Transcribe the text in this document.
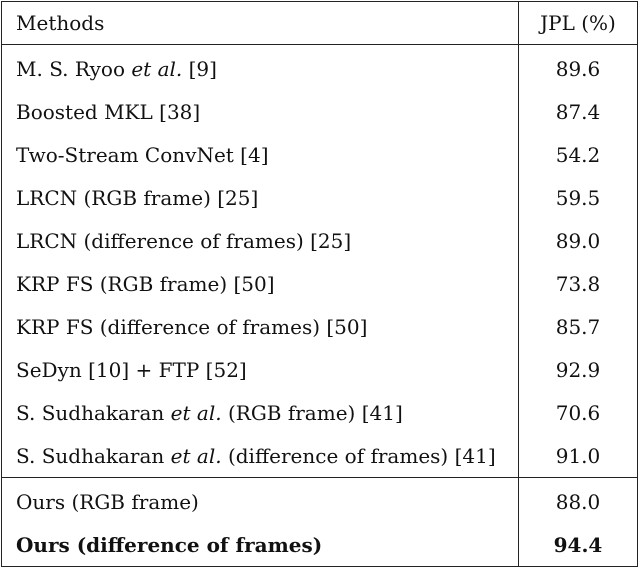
Methods	JPL (%)

M. S. Ryoo et al. [9]	89.6
Boosted MKL [38]	87.4
Two-Stream ConvNet [4]	54.2
LRCN (RGB frame) [25]	59.5
LRCN (difference of frames) [25]	89.0
KRP FS (RGB frame) [50]	73.8
KRP FS (difference of frames) [50]	85.7
SeDyn [10] + FTP [52]	92.9
S. Sudhakaran et al. (RGB frame) [41]	70.6
S. Sudhakaran et al. (difference of frames) [41]	91.0

Ours (RGB frame)	88.0
Ours (difference of frames)	94.4
